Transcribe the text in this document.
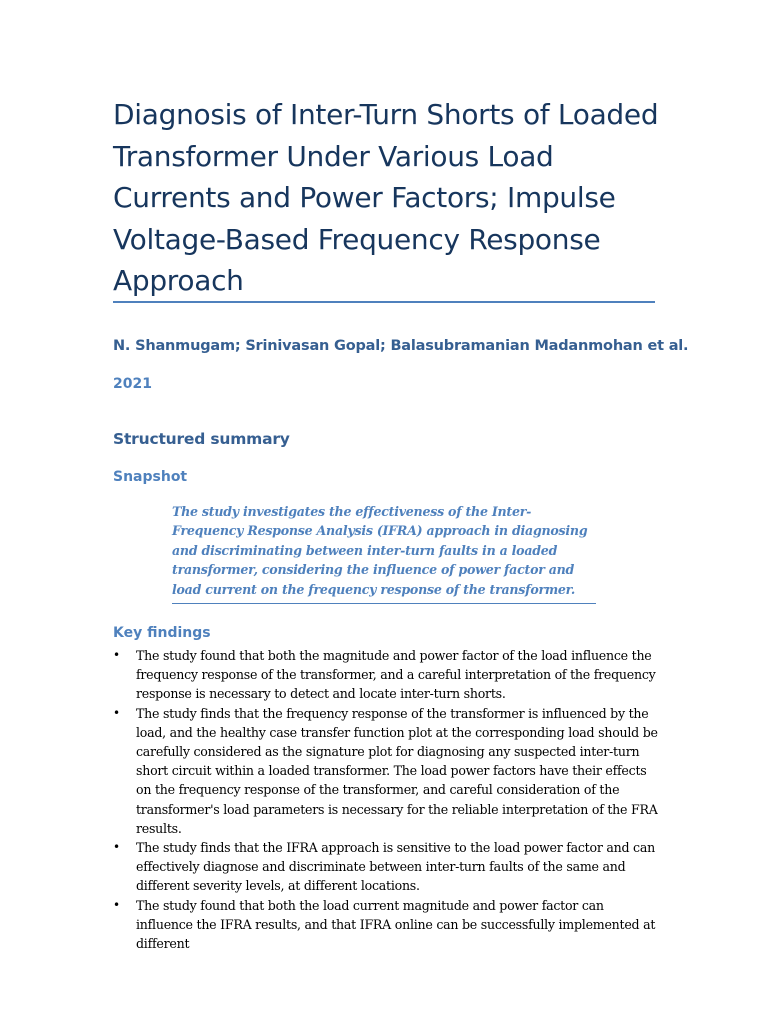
Diagnosis of Inter-Turn Shorts of Loaded Transformer Under Various Load Currents and Power Factors; Impulse Voltage-Based Frequency Response Approach
N. Shanmugam; Srinivasan Gopal; Balasubramanian Madanmohan et al.
2021
Structured summary
Snapshot

The study investigates the effectiveness of the Inter-Frequency Response Analysis (IFRA) approach in diagnosing and discriminating between inter-turn faults in a loaded transformer, considering the influence of power factor and load current on the frequency response of the transformer.

Key findings
• The study found that both the magnitude and power factor of the load influence the frequency response of the transformer, and a careful interpretation of the frequency response is necessary to detect and locate inter-turn shorts.
• The study finds that the frequency response of the transformer is influenced by the load, and the healthy case transfer function plot at the corresponding load should be carefully considered as the signature plot for diagnosing any suspected inter-turn short circuit within a loaded transformer. The load power factors have their effects on the frequency response of the transformer, and careful consideration of the transformer's load parameters is necessary for the reliable interpretation of the FRA results.
• The study finds that the IFRA approach is sensitive to the load power factor and can effectively diagnose and discriminate between inter-turn faults of the same and different severity levels, at different locations.
• The study found that both the load current magnitude and power factor can influence the IFRA results, and that IFRA online can be successfully implemented at different
